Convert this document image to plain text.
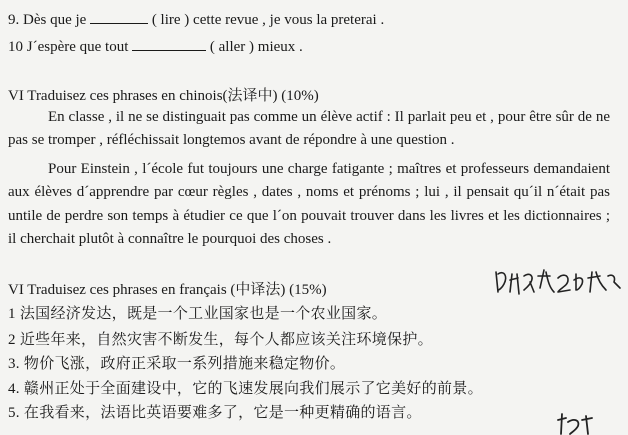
9. Dès que je	( lire ) cette revue , je vous la preterai .
10 J´espère que tout	( aller ) mieux .
VI Traduisez ces phrases en chinois(法译中) (10%)
En classe , il ne se distinguait pas comme un élève actif : Il parlait peu et , pour être sûr de ne pas se tromper , réfléchissait longtemos avant de répondre à une question .
Pour Einstein , l´école fut toujours une charge fatigante ; maîtres et professeurs demandaient aux élèves d´apprendre par cœur règles , dates , noms et prénoms ; lui , il pensait qu´il n´était pas untile de perdre son temps à étudier ce que l´on pouvait trouver dans les livres et les dictionnaires ; il cherchait plutôt à connaître le pourquoi des choses .
VI Traduisez ces phrases en français (中译法) (15%)
1 法国经济发达，既是一个工业国家也是一个农业国家。
2 近些年来，自然灾害不断发生，每个人都应该关注环境保护。
3. 物价飞涨，政府正采取一系列措施来稳定物价。
4. 赣州正处于全面建设中，它的飞速发展向我们展示了它美好的前景。
5. 在我看来，法语比英语要难多了，它是一种更精确的语言。
